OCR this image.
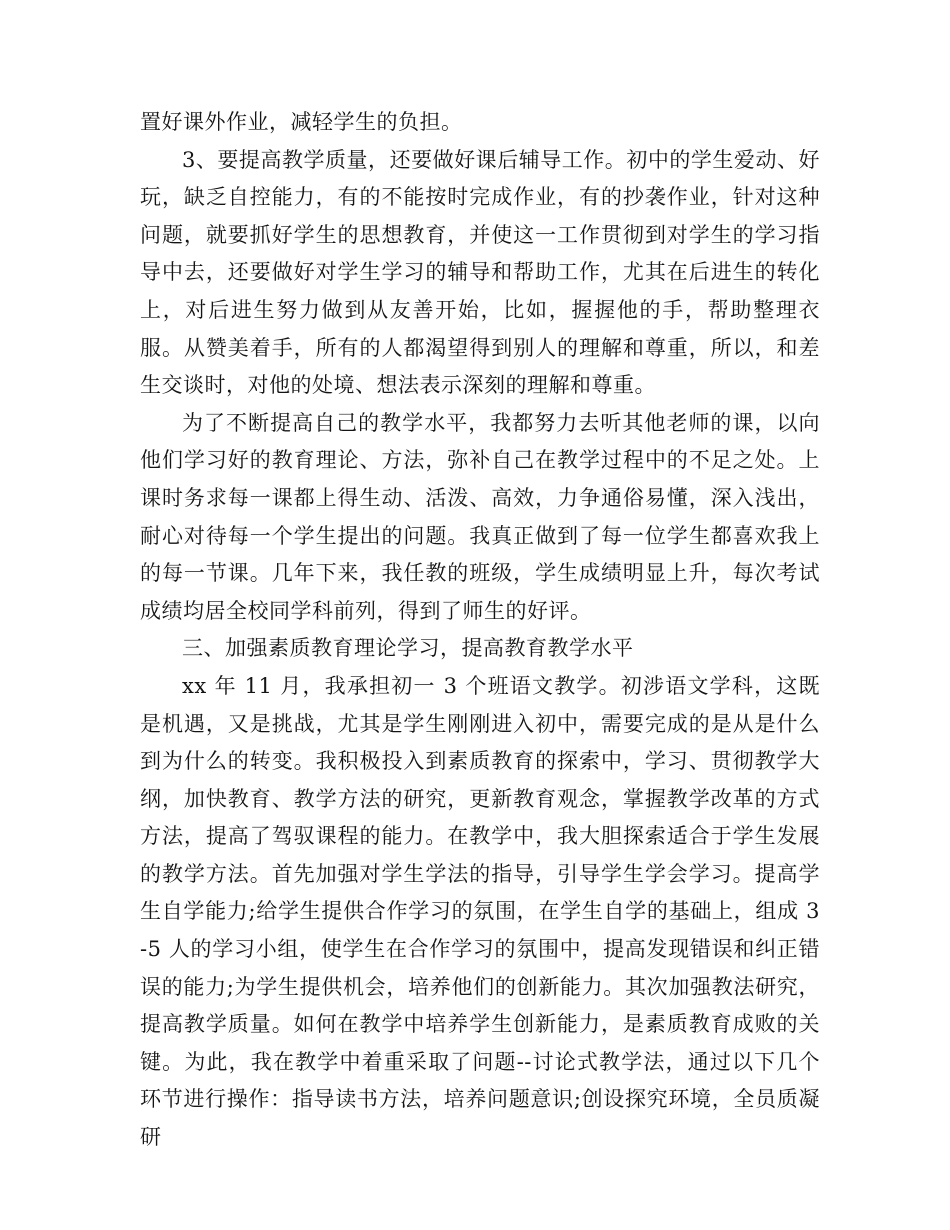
置好课外作业，减轻学生的负担。

3、要提高教学质量，还要做好课后辅导工作。初中的学生爱动、好玩，缺乏自控能力，有的不能按时完成作业，有的抄袭作业，针对这种问题，就要抓好学生的思想教育，并使这一工作贯彻到对学生的学习指导中去，还要做好对学生学习的辅导和帮助工作，尤其在后进生的转化上，对后进生努力做到从友善开始，比如，握握他的手，帮助整理衣服。从赞美着手，所有的人都渴望得到别人的理解和尊重，所以，和差生交谈时，对他的处境、想法表示深刻的理解和尊重。

为了不断提高自己的教学水平，我都努力去听其他老师的课，以向他们学习好的教育理论、方法，弥补自己在教学过程中的不足之处。上课时务求每一课都上得生动、活泼、高效，力争通俗易懂，深入浅出，耐心对待每一个学生提出的问题。我真正做到了每一位学生都喜欢我上的每一节课。几年下来，我任教的班级，学生成绩明显上升，每次考试成绩均居全校同学科前列，得到了师生的好评。

三、加强素质教育理论学习，提高教育教学水平

xx 年 11 月，我承担初一 3 个班语文教学。初涉语文学科，这既是机遇，又是挑战，尤其是学生刚刚进入初中，需要完成的是从是什么到为什么的转变。我积极投入到素质教育的探索中，学习、贯彻教学大纲，加快教育、教学方法的研究，更新教育观念，掌握教学改革的方式方法，提高了驾驭课程的能力。在教学中，我大胆探索适合于学生发展的教学方法。首先加强对学生学法的指导，引导学生学会学习。提高学生自学能力;给学生提供合作学习的氛围，在学生自学的基础上，组成 3-5 人的学习小组，使学生在合作学习的氛围中，提高发现错误和纠正错误的能力;为学生提供机会，培养他们的创新能力。其次加强教法研究，提高教学质量。如何在教学中培养学生创新能力，是素质教育成败的关键。为此，我在教学中着重采取了问题--讨论式教学法，通过以下几个环节进行操作：指导读书方法，培养问题意识;创设探究环境，全员质凝研
